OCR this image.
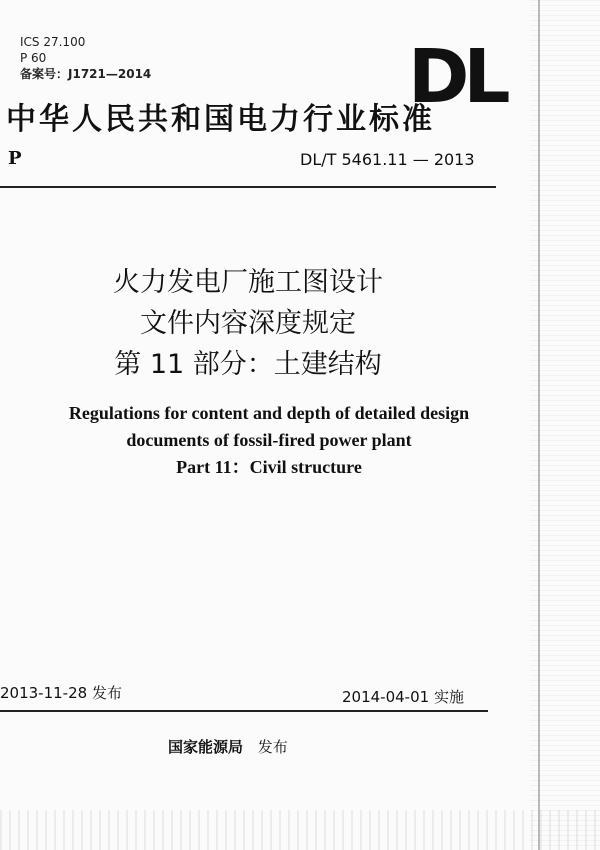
ICS 27.100
P 60
备案号：J1721—2014	DL
中华人民共和国电力行业标准
P	DL/T 5461.11 — 2013
火力发电厂施工图设计
文件内容深度规定
第 11 部分：土建结构
Regulations for content and depth of detailed design
documents of fossil-fired power plant
Part 11：Civil structure
2013-11-28 发布	2014-04-01 实施
国家能源局 发布
